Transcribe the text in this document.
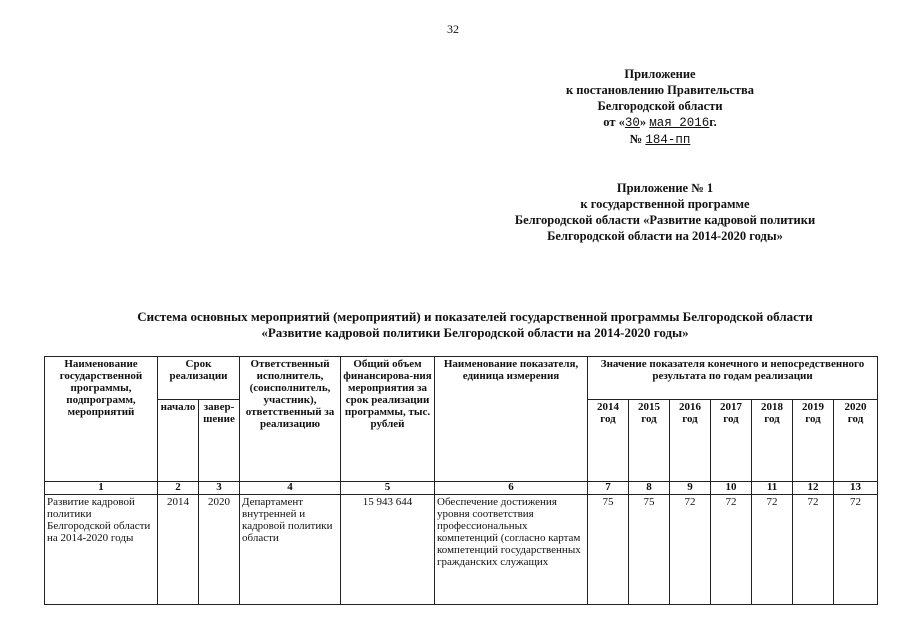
32
Приложение
к постановлению Правительства
Белгородской области
от «30» мая 2016г.
№ 184-пп
Приложение № 1
к государственной программе
Белгородской области «Развитие кадровой политики
Белгородской области на 2014-2020 годы»
Система основных мероприятий (мероприятий) и показателей государственной программы Белгородской области
«Развитие кадровой политики Белгородской области на 2014-2020 годы»
Наименование государственной программы, подпрограмм, мероприятий	Срок реализации		Ответственный исполнитель, (соисполнитель, участник), ответственный за реализацию	Общий объем финансирова-ния мероприятия за срок реализации программы, тыс. рублей	Наименование показателя, единица измерения	Значение показателя конечного и непосредственного результата по годам реализации						
	начало	завер-шение				2014 год	2015 год	2016 год	2017 год	2018 год	2019 год	2020 год
1	2	3	4	5	6	7	8	9	10	11	12	13
Развитие кадровой политики Белгородской области на 2014-2020 годы	2014	2020	Департамент внутренней и кадровой политики области	15 943 644	Обеспечение достижения уровня соответствия профессиональных компетенций (согласно картам компетенций государственных гражданских служащих	75	75	72	72	72	72	72
